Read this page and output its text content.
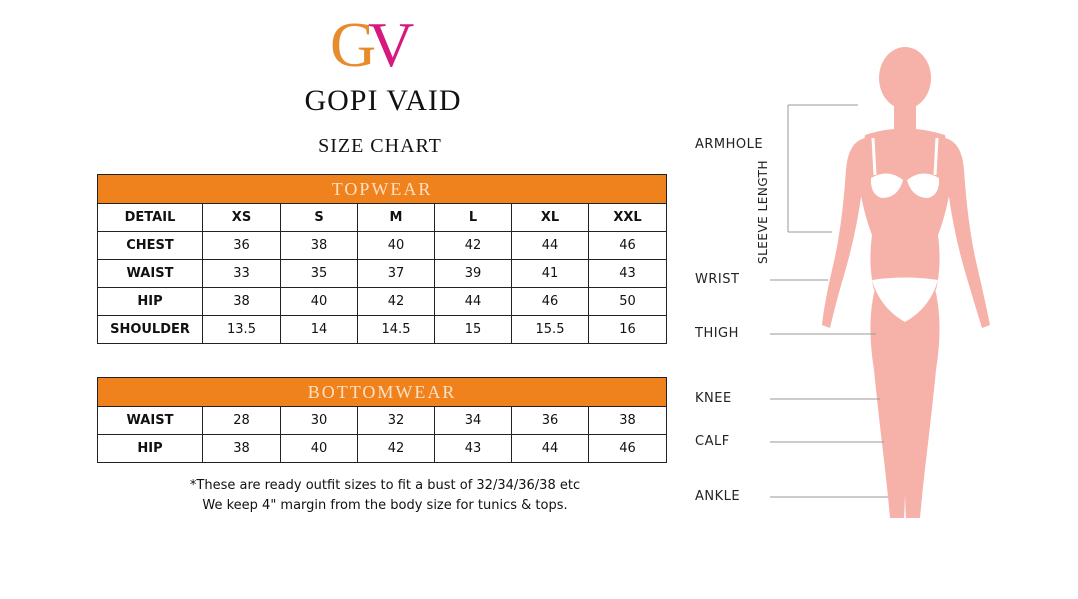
G
V
GOPI VAID
SIZE CHART
TOPWEAR						
DETAIL	XS	S	M	L	XL	XXL
CHEST	36	38	40	42	44	46
WAIST	33	35	37	39	41	43
HIP	38	40	42	44	46	50
SHOULDER	13.5	14	14.5	15	15.5	16
BOTTOMWEAR						
WAIST	28	30	32	34	36	38
HIP	38	40	42	43	44	46
*These are ready outfit sizes to fit a bust of 32/34/36/38 etc
We keep 4" margin from the body size for tunics & tops.
ARMHOLE
SLEEVE LENGTH
WRIST
THIGH
KNEE
CALF
ANKLE
